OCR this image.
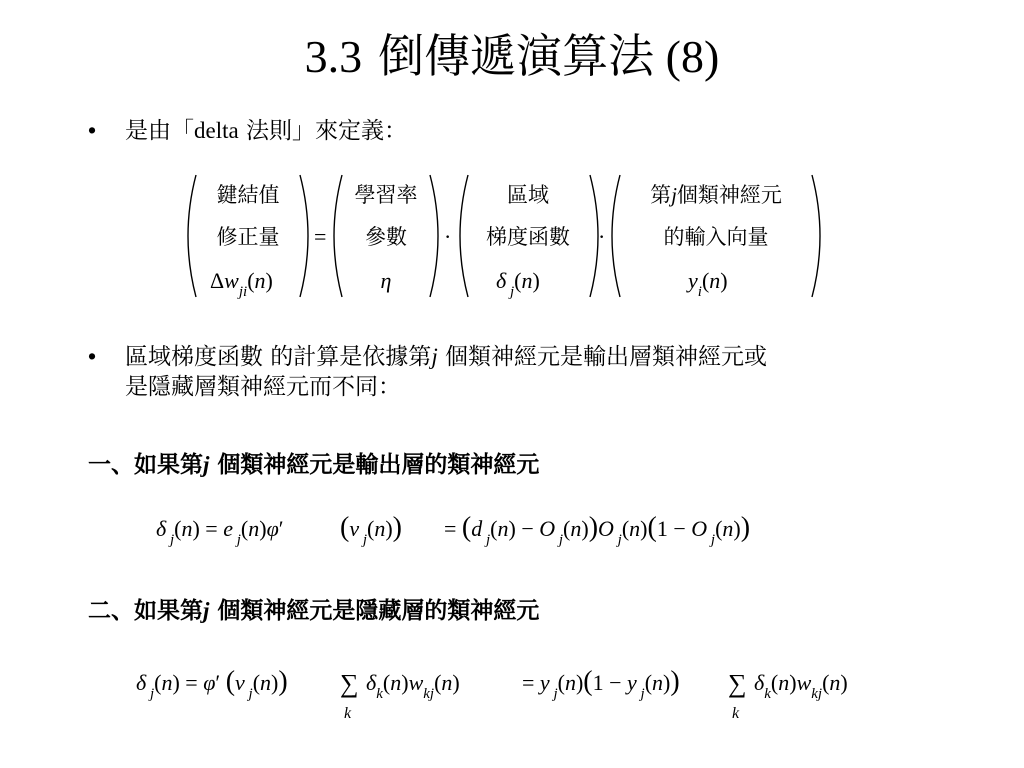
3.3 倒傳遞演算法 (8)
• 是由「delta 法則」來定義：
• 區域梯度函數 的計算是依據第j 個類神經元是輸出層類神經元或
是隱藏層類神經元而不同：
一、如果第j 個類神經元是輸出層的類神經元
二、如果第j 個類神經元是隱藏層的類神經元
鍵結值
修正量
$\Delta w_{ji}(n)$
=
學習率
參數
η
·
區域
梯度函數
δ $_j$(n)
·
第j個類神經元
的輸入向量
$y_i(n)$
δ $_j$(n) = e $_j$(n)φ′ (v $_j$(n)) = (d $_j$(n) − O $_j$(n))O $_j$(n)(1 − O $_j$(n))
δ $_j$(n) = φ′ (v $_j$(n)) ∑
k
$\delta_k(n)w_{kj}(n)$	= y $_j$(n)(1 − y $_j$(n)) ∑
k
$\delta_k(n)w_{kj}(n)$
